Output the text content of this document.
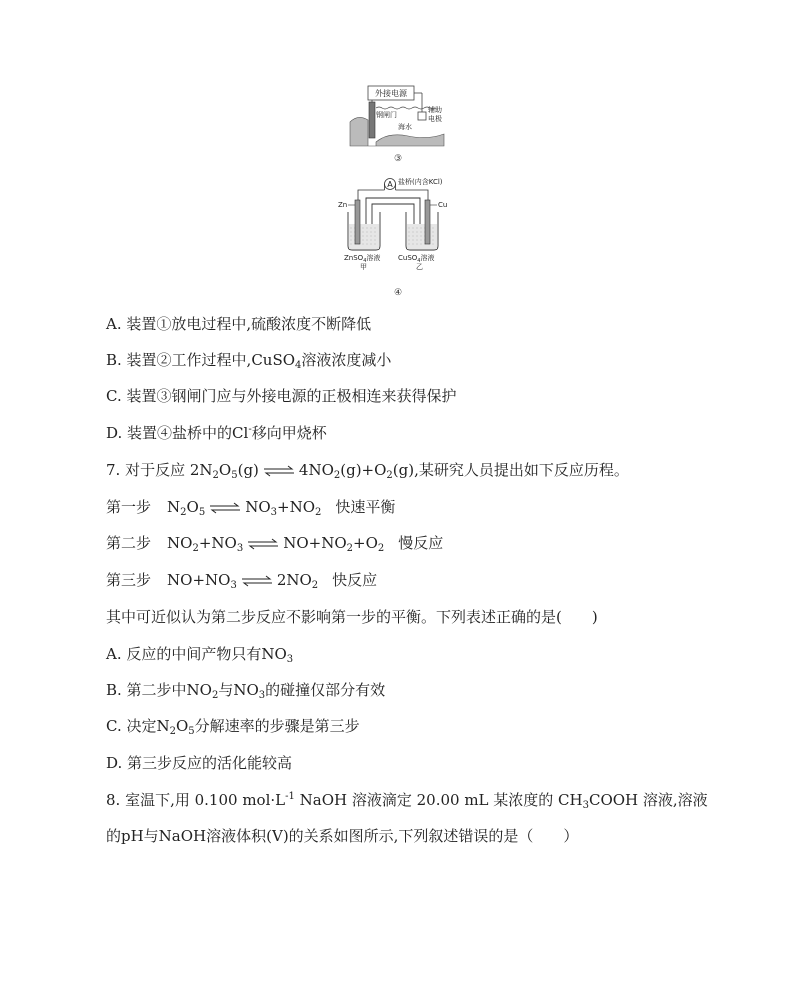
外接电源
辅助
电极
钢闸门
海水
③
A 盐桥(内含KCl)
Zn	Cu
ZnSO$_4$溶液	CuSO$_4$溶液
甲	乙
④
A. 装置①放电过程中,硫酸浓度不断降低
B. 装置②工作过程中,CuSO$_4$溶液浓度减小
C. 装置③钢闸门应与外接电源的正极相连来获得保护
D. 装置④盐桥中的Cl-移向甲烧杯
7. 对于反应 $2N_2O_5(g)$ ⇌ $4NO_2(g)+O_2(g)$,某研究人员提出如下反应历程。
第一步 $N_2O_5$ ⇌ $NO_3+NO_2$ 快速平衡
第二步 $NO_2+NO_3$ ⇌ $NO+NO_2+O_2$ 慢反应
第三步 $NO+NO_3$ ⇌ $2NO_2$ 快反应
其中可近似认为第二步反应不影响第一步的平衡。下列表述正确的是(　　)
A. 反应的中间产物只有$NO_3$
B. 第二步中$NO_2$与$NO_3$的碰撞仅部分有效
C. 决定$N_2O_5$分解速率的步骤是第三步
D. 第三步反应的活化能较高
8. 室温下,用 0.100 $mol\cdot L^{-1}$ NaOH 溶液滴定 20.00 mL 某浓度的 $CH_3COOH$ 溶液,溶液
的pH与NaOH溶液体积(V)的关系如图所示,下列叙述错误的是（　　）
